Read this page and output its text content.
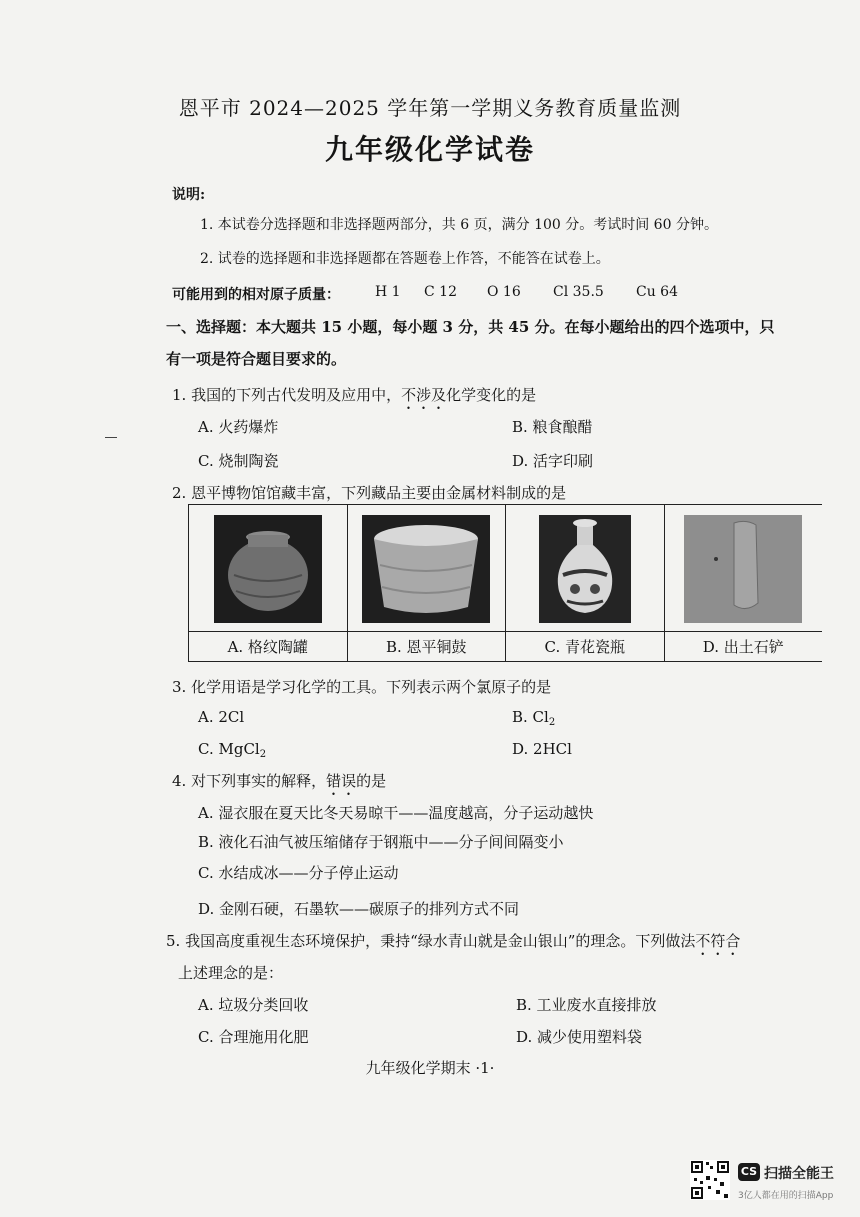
恩平市 2024—2025 学年第一学期义务教育质量监测
九年级化学试卷
说明:
1. 本试卷分选择题和非选择题两部分，共 6 页，满分 100 分。考试时间 60 分钟。
2. 试卷的选择题和非选择题都在答题卷上作答，不能答在试卷上。
可能用到的相对原子质量：	H 1 C 12 O 16 Cl 35.5 Cu 64
一、选择题：本大题共 15 小题，每小题 3 分，共 45 分。在每小题给出的四个选项中，只
有一项是符合题目要求的。
1. 我国的下列古代发明及应用中，不涉及化学变化的是
A. 火药爆炸	B. 粮食酿醋
C. 烧制陶瓷	D. 活字印刷
2. 恩平博物馆馆藏丰富，下列藏品主要由金属材料制成的是
A. 格纹陶罐	B. 恩平铜鼓	C. 青花瓷瓶	D. 出土石铲
3. 化学用语是学习化学的工具。下列表示两个氯原子的是
A. 2Cl	B. $Cl_2$
C. MgCl$_2$	D. 2HCl
4. 对下列事实的解释，错误的是
A. 湿衣服在夏天比冬天易晾干——温度越高，分子运动越快
B. 液化石油气被压缩储存于钢瓶中——分子间间隔变小
C. 水结成冰——分子停止运动
D. 金刚石硬，石墨软——碳原子的排列方式不同
5. 我国高度重视生态环境保护，秉持“绿水青山就是金山银山”的理念。下列做法不符合
上述理念的是：
A. 垃圾分类回收	B. 工业废水直接排放
C. 合理施用化肥	D. 减少使用塑料袋
九年级化学期末 ·1·
CS 扫描全能王
3亿人都在用的扫描App
